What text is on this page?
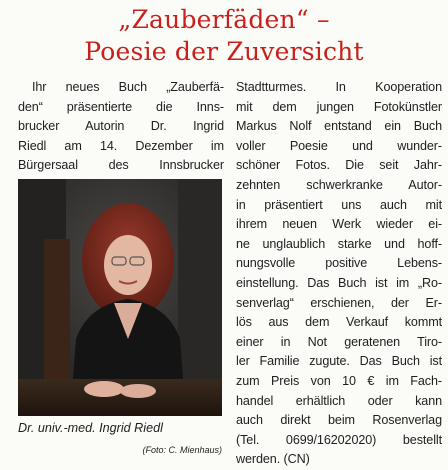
„Zauberfäden“ –
Poesie der Zuversicht
Ihr neues Buch „Zauberfä-
den“ präsentierte die Inns-
brucker Autorin Dr. Ingrid
Riedl am 14. Dezember im
Bürgersaal des Innsbrucker
Dr. univ.-med. Ingrid Riedl
(Foto: C. Mienhaus)
Stadtturmes. In Kooperation
mit dem jungen Fotokünstler
Markus Nolf entstand ein Buch
voller Poesie und wunder-
schöner Fotos. Die seit Jahr-
zehnten schwerkranke Autor-
in präsentiert uns auch mit
ihrem neuen Werk wieder ei-
ne unglaublich starke und hoff-
nungsvolle positive Lebens-
einstellung. Das Buch ist im „Ro-
senverlag“ erschienen, der Er-
lös aus dem Verkauf kommt
einer in Not geratenen Tiro-
ler Familie zugute. Das Buch ist
zum Preis von 10 € im Fach-
handel erhältlich oder kann
auch direkt beim Rosenverlag
(Tel. 0699/16202020) bestellt
werden. (CN)
